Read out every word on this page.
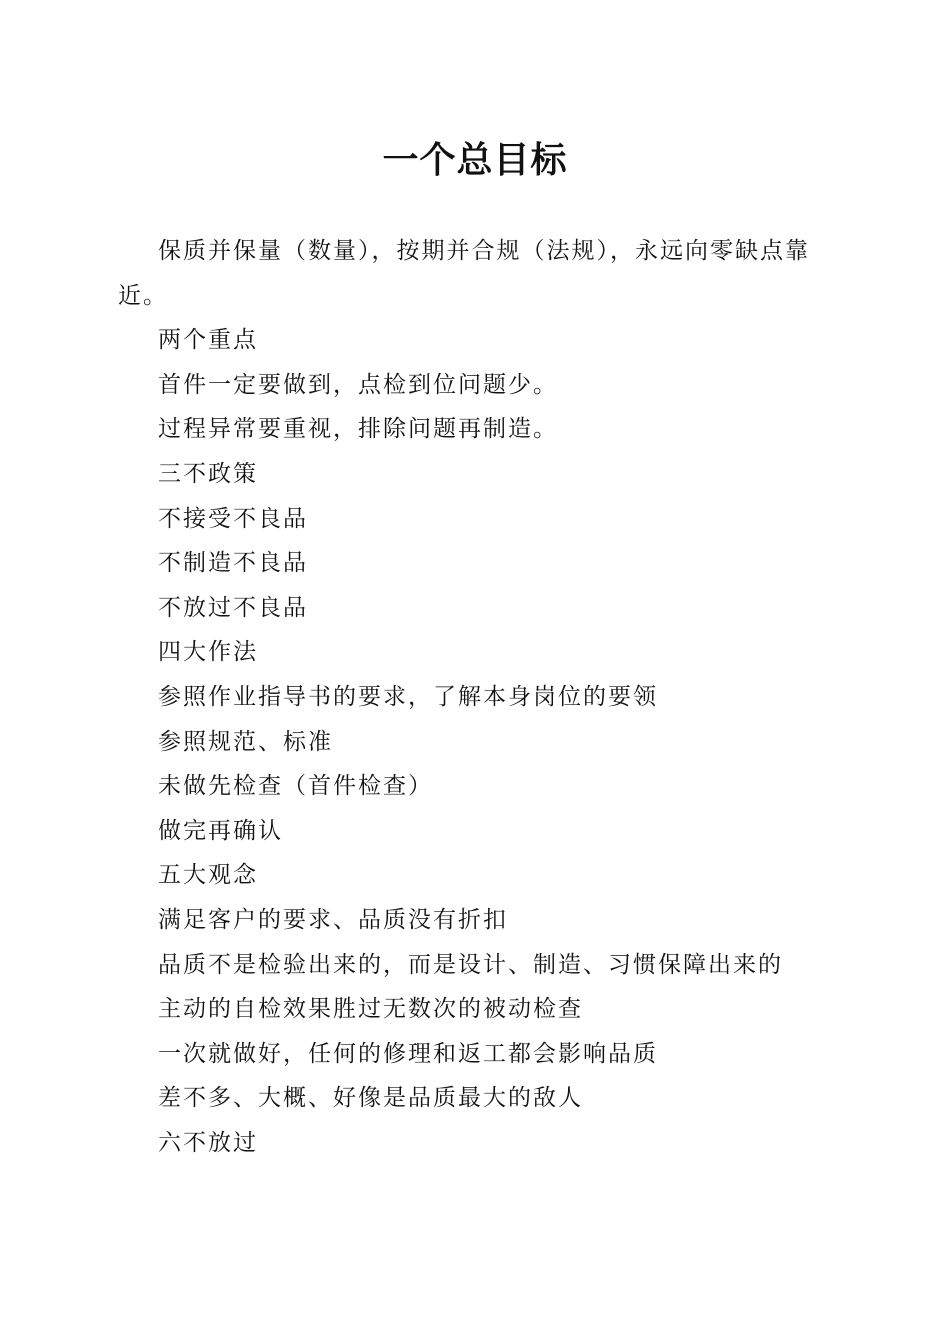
一个总目标

保质并保量（数量），按期并合规（法规），永远向零缺点靠近。

两个重点

首件一定要做到，点检到位问题少。

过程异常要重视，排除问题再制造。

三不政策

不接受不良品

不制造不良品

不放过不良品

四大作法

参照作业指导书的要求，了解本身岗位的要领

参照规范、标准

未做先检查（首件检查）

做完再确认

五大观念

满足客户的要求、品质没有折扣

品质不是检验出来的，而是设计、制造、习惯保障出来的

主动的自检效果胜过无数次的被动检查

一次就做好，任何的修理和返工都会影响品质

差不多、大概、好像是品质最大的敌人

六不放过
